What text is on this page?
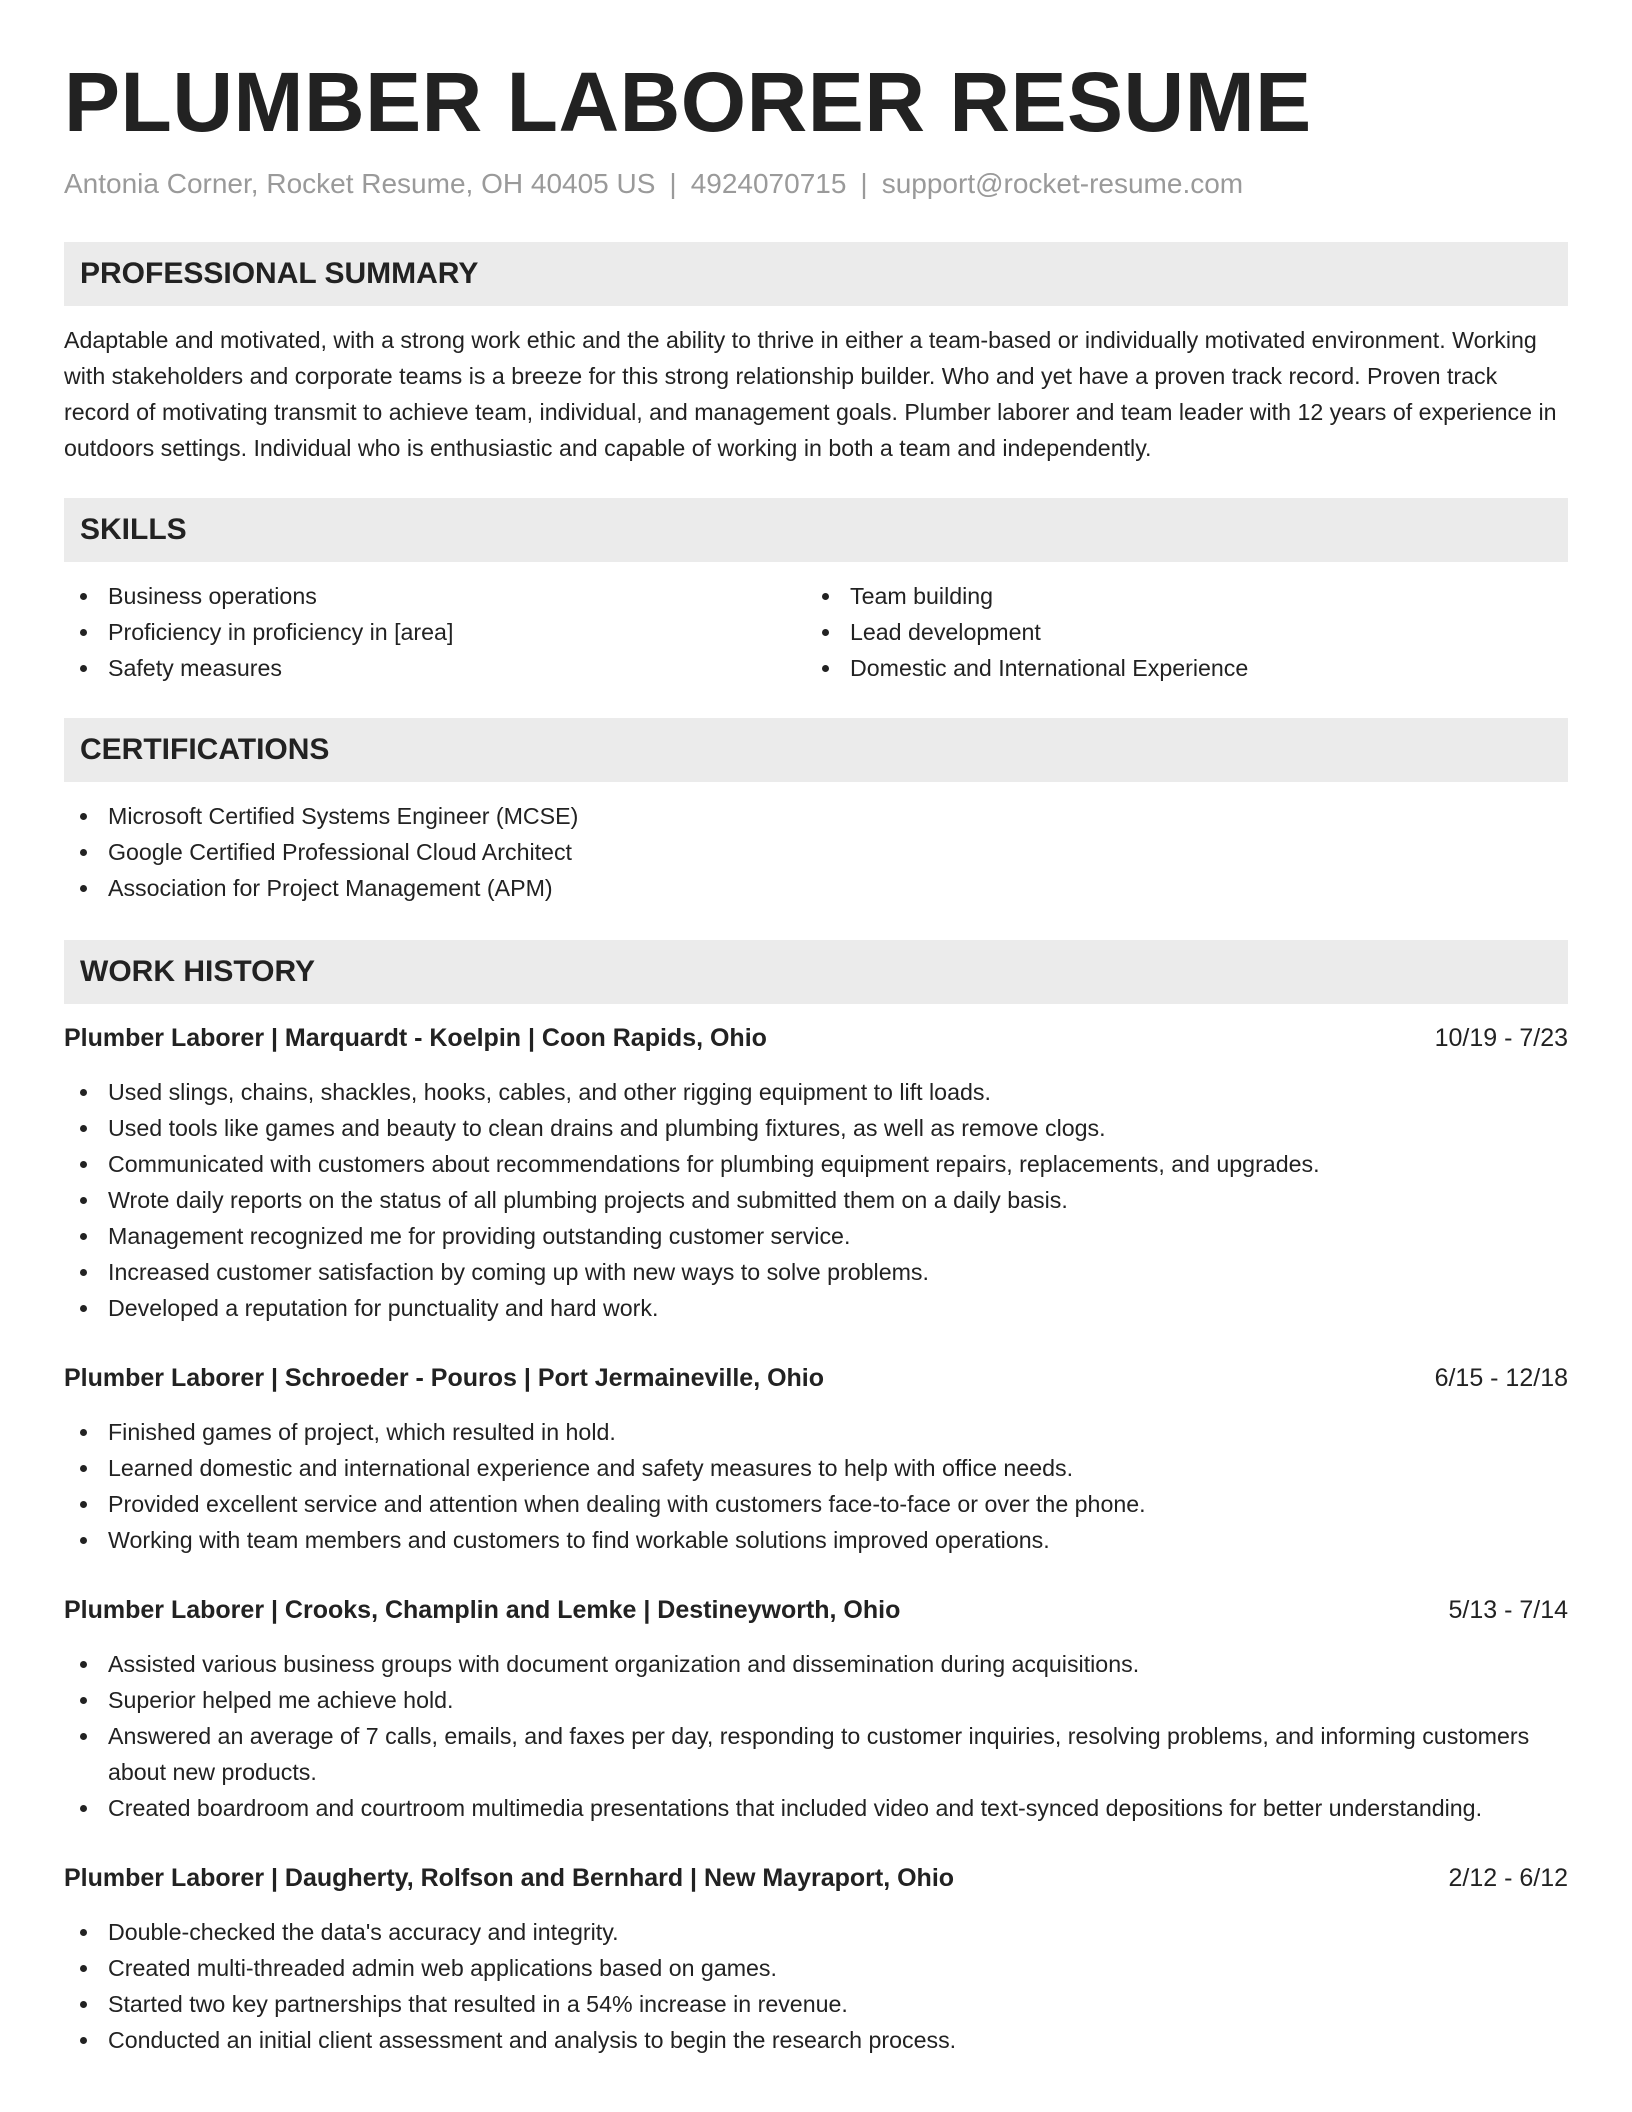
PLUMBER LABORER RESUME
Antonia Corner, Rocket Resume, OH 40405 US | 4924070715 | support@rocket-resume.com
PROFESSIONAL SUMMARY

Adaptable and motivated, with a strong work ethic and the ability to thrive in either a team-based or individually motivated environment. Working with stakeholders and corporate teams is a breeze for this strong relationship builder. Who and yet have a proven track record. Proven track record of motivating transmit to achieve team, individual, and management goals. Plumber laborer and team leader with 12 years of experience in outdoors settings. Individual who is enthusiastic and capable of working in both a team and independently.

SKILLS
Business operations
Proficiency in proficiency in [area]
Safety measures
Team building
Lead development
Domestic and International Experience
CERTIFICATIONS
Microsoft Certified Systems Engineer (MCSE)
Google Certified Professional Cloud Architect
Association for Project Management (APM)
WORK HISTORY
Plumber Laborer | Marquardt - Koelpin | Coon Rapids, Ohio	10/19 - 7/23
Used slings, chains, shackles, hooks, cables, and other rigging equipment to lift loads.
Used tools like games and beauty to clean drains and plumbing fixtures, as well as remove clogs.
Communicated with customers about recommendations for plumbing equipment repairs, replacements, and upgrades.
Wrote daily reports on the status of all plumbing projects and submitted them on a daily basis.
Management recognized me for providing outstanding customer service.
Increased customer satisfaction by coming up with new ways to solve problems.
Developed a reputation for punctuality and hard work.
Plumber Laborer | Schroeder - Pouros | Port Jermaineville, Ohio	6/15 - 12/18
Finished games of project, which resulted in hold.
Learned domestic and international experience and safety measures to help with office needs.
Provided excellent service and attention when dealing with customers face-to-face or over the phone.
Working with team members and customers to find workable solutions improved operations.
Plumber Laborer | Crooks, Champlin and Lemke | Destineyworth, Ohio	5/13 - 7/14
Assisted various business groups with document organization and dissemination during acquisitions.
Superior helped me achieve hold.
Answered an average of 7 calls, emails, and faxes per day, responding to customer inquiries, resolving problems, and informing customers about new products.
Created boardroom and courtroom multimedia presentations that included video and text-synced depositions for better understanding.
Plumber Laborer | Daugherty, Rolfson and Bernhard | New Mayraport, Ohio	2/12 - 6/12
Double-checked the data's accuracy and integrity.
Created multi-threaded admin web applications based on games.
Started two key partnerships that resulted in a 54% increase in revenue.
Conducted an initial client assessment and analysis to begin the research process.
